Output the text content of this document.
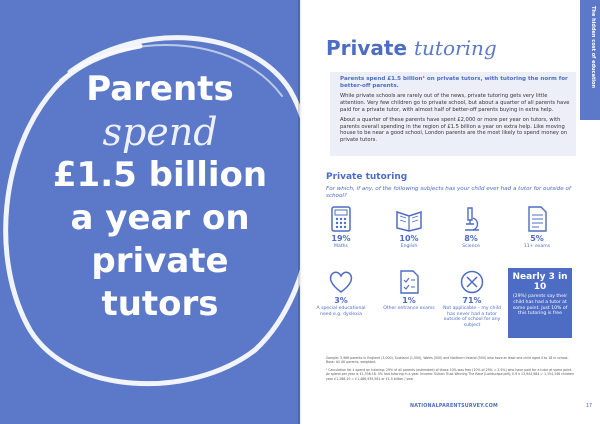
Parents
spend
£1.5 billion
a year on
private
tutors
The hidden cost of education
Private tutoring

Parents spend £1.5 billion¹ on private tutors, with tutoring the norm for better-off parents.

While private schools are rarely out of the news, private tutoring gets very little attention. Very few children go to private school, but about a quarter of all parents have paid for a private tutor, with almost half of better-off parents buying in extra help.

About a quarter of these parents have spent £2,000 or more per year on tutors, with parents overall spending in the region of £1.5 billion a year on extra help. Like moving house to be near a good school, London parents are the most likely to spend money on private tutors.

Private tutoring
For which, if any, of the following subjects has your child ever had a tutor for outside of school?
19%
Maths
10%
English
8%
Science
5%
11+ exams
3%
A special educational need e.g. dyslexia
1%
Other entrance exams
71%
Not applicable – my child has never had a tutor outside of school for any subject
Nearly 3 in 10
(29%) parents say their child has had a tutor at some point. Just 10% of this tutoring is free
Sample: 3,966 parents in England (3,000), Scotland (1,000), Wales (500) and Northern Ireland (500) who have at least one child aged 4 to 18 in school. Base: All UK parents, weighted.
¹ Calculation for £ spend on tutoring: 29% of all parents (estimated) of those 10% was free (10% of 29% = 2.9%) who have paid for a tutor at some point. Av spend per year is £1,336.18. 0% had tutoring in a year. Income: Sutton Trust Winning The Race (Landscape pdf); 0.9 x 13,944,984 = 1,154,346 children year £1,288.10 = £1,486,935,561 or £1.5 billion / year
NATIONALPARENTSURVEY.COM	17
